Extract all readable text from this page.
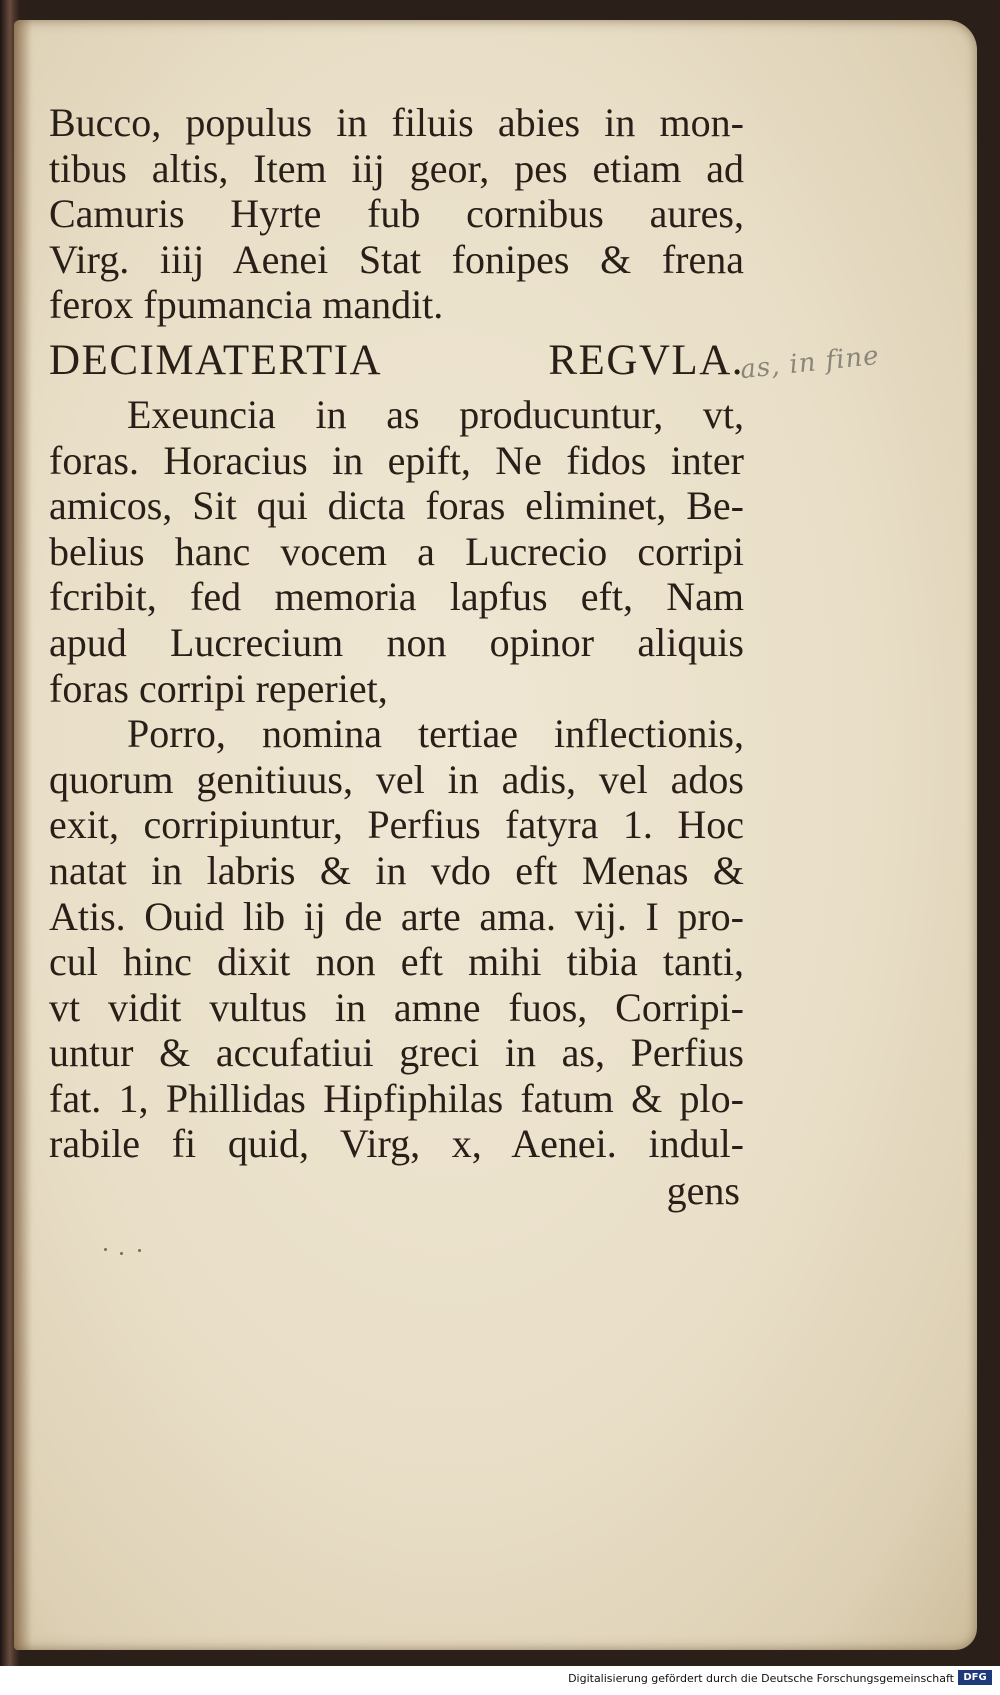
as, in fine
Bucco, populus in filuis abies in mon‐
tibus altis, Item iij geor, pes etiam ad
Camuris Hyrte fub cornibus aures,
Virg. iiij Aenei Stat fonipes & frena
ferox fpumancia mandit.
DECIMATERTIA REGVLA.
Exeuncia in as producuntur, vt,
foras. Horacius in epift, Ne fidos inter
amicos, Sit qui dicta foras eliminet, Be‐
belius hanc vocem a Lucrecio corripi
fcribit, fed memoria lapfus eft, Nam
apud Lucrecium non opinor aliquis
foras corripi reperiet,
Porro, nomina tertiae inflectionis,
quorum genitiuus, vel in adis, vel ados
exit, corripiuntur, Perfius fatyra 1. Hoc
natat in labris & in vdo eft Menas &
Atis. Ouid lib ij de arte ama. vij. I pro‐
cul hinc dixit non eft mihi tibia tanti,
vt vidit vultus in amne fuos, Corripi‐
untur & accufatiui greci in as, Perfius
fat. 1, Phillidas Hipfiphilas fatum & plo‐
rabile fi quid, Virg, x, Aenei. indul‐
gens
Digitalisierung gefördert durch die Deutsche Forschungsgemeinschaft DFG
